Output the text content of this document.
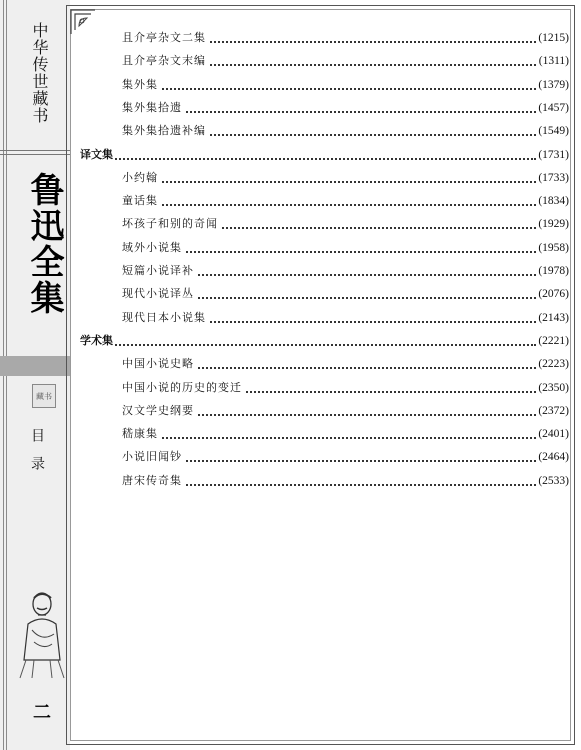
中华传世藏书
鲁迅全集
藏书
目录
二
且介亭杂文二集	(1215)
且介亭杂文末编	(1311)
集外集	(1379)
集外集拾遗	(1457)
集外集拾遗补编	(1549)
译文集	(1731)
小约翰	(1733)
童话集	(1834)
坏孩子和别的奇闻	(1929)
域外小说集	(1958)
短篇小说译补	(1978)
现代小说译丛	(2076)
现代日本小说集	(2143)
学术集	(2221)
中国小说史略	(2223)
中国小说的历史的变迁	(2350)
汉文学史纲要	(2372)
嵇康集	(2401)
小说旧闻钞	(2464)
唐宋传奇集	(2533)
